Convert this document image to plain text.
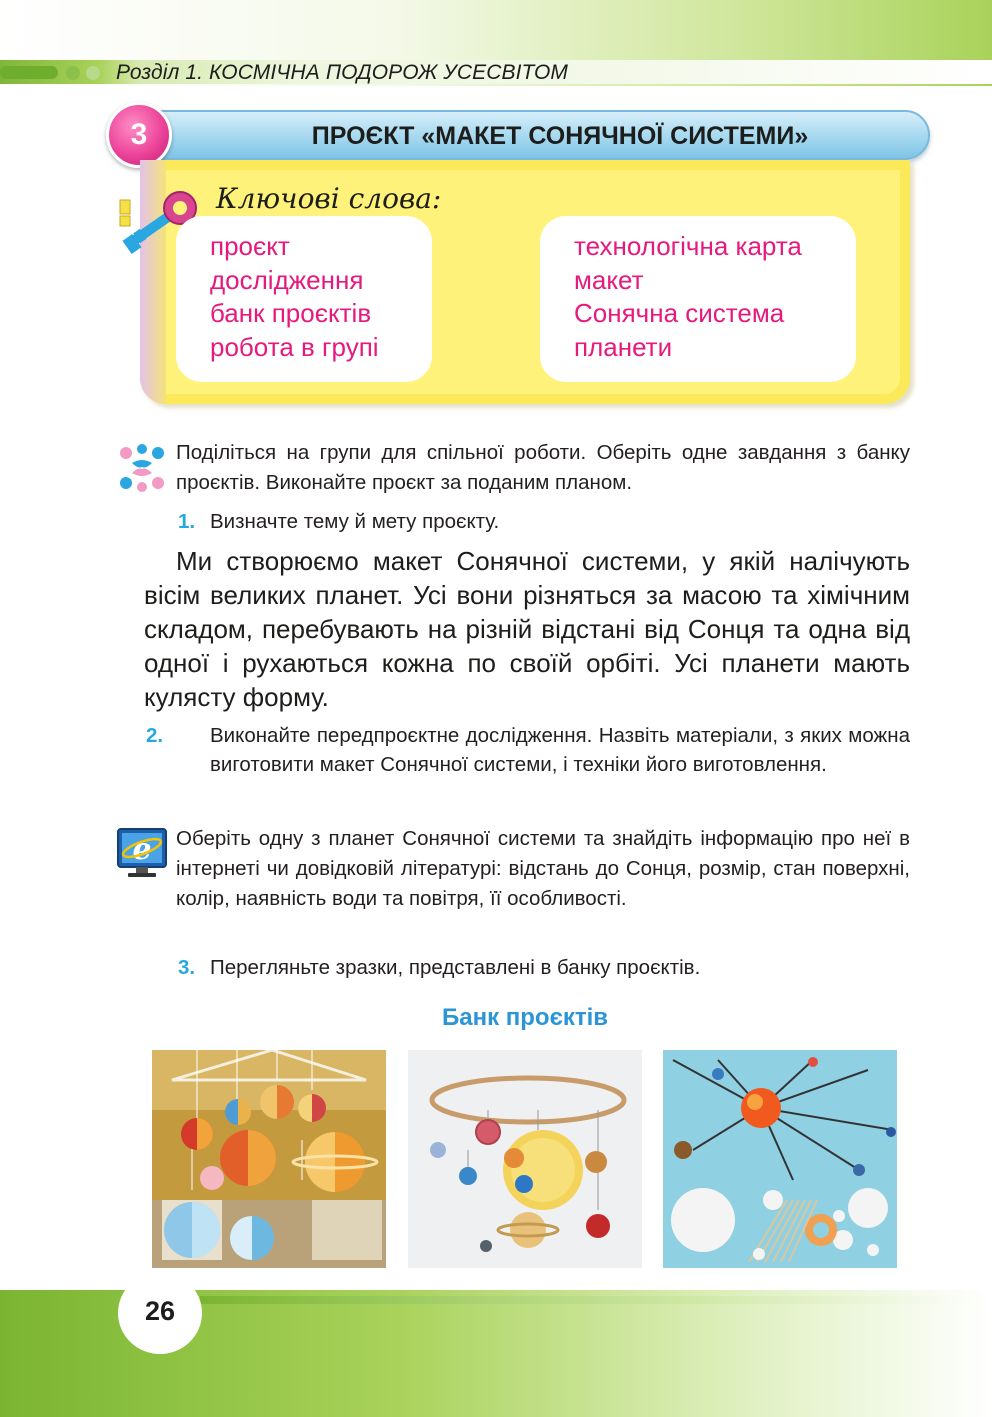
Розділ 1. КОСМІЧНА ПОДОРОЖ УСЕСВІТОМ
ПРОЄКТ «МАКЕТ СОНЯЧНОЇ СИСТЕМИ»
3
Ключові слова:
проєкт
дослідження
банк проєктів
робота в групі
технологічна карта
макет
Сонячна система
планети
Поділіться на групи для спільної роботи. Оберіть одне завдання з банку проєктів. Виконайте проєкт за поданим планом.
1. Визначте тему й мету проєкту.

Ми створюємо макет Сонячної системи, у якій налічують вісім великих планет. Усі вони різняться за масою та хімічним складом, перебувають на різній відстані від Сонця та одна від одної і рухаються кожна по своїй орбіті. Усі планети мають кулясту форму.

2. Виконайте передпроєктне дослідження. Назвіть матеріали, з яких можна виготовити макет Сонячної системи, і техніки його виготовлення.
e Оберіть одну з планет Сонячної системи та знайдіть інформацію про неї в інтернеті чи довідковій літературі: відстань до Сонця, розмір, стан поверхні, колір, наявність води та повітря, її особливості.
3. Перегляньте зразки, представлені в банку проєктів.
Банк проєктів
26
